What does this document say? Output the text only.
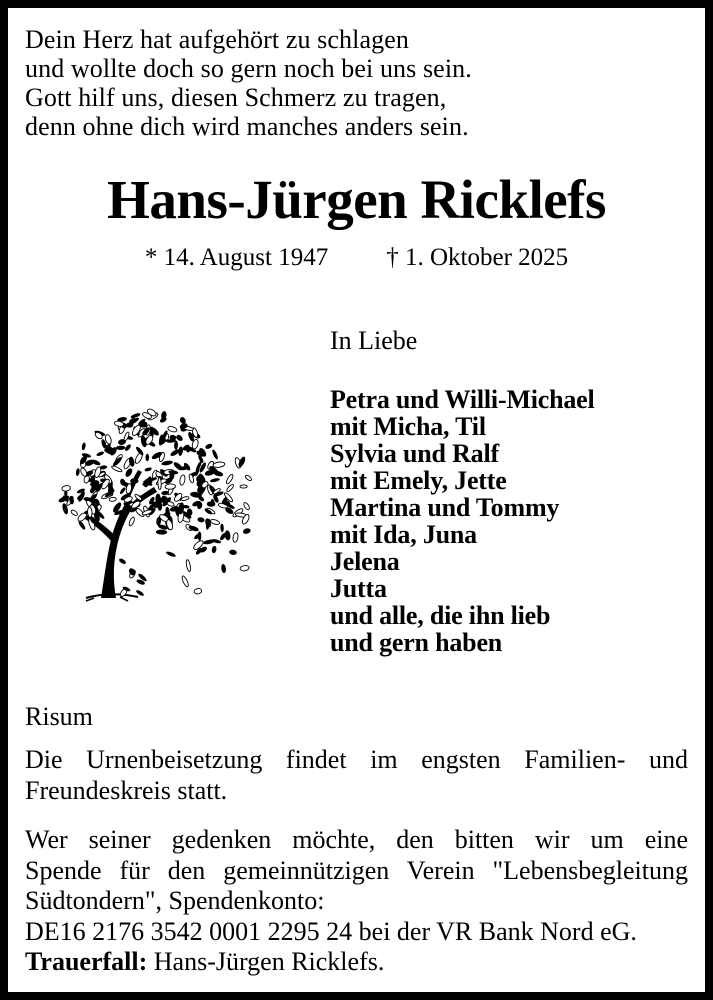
Dein Herz hat aufgehört zu schlagen
und wollte doch so gern noch bei uns sein.
Gott hilf uns, diesen Schmerz zu tragen,
denn ohne dich wird manches anders sein.
Hans-Jürgen Ricklefs
* 14. August 1947 † 1. Oktober 2025
In Liebe
Petra und Willi-Michael
mit Micha, Til
Sylvia und Ralf
mit Emely, Jette
Martina und Tommy
mit Ida, Juna
Jelena
Jutta
und alle, die ihn lieb
und gern haben
Risum
Die Urnenbeisetzung findet im engsten Familien- und
Freundeskreis statt.
Wer seiner gedenken möchte, den bitten wir um eine
Spende für den gemeinnützigen Verein "Lebensbegleitung
Südtondern", Spendenkonto:
DE16 2176 3542 0001 2295 24 bei der VR Bank Nord eG.
Trauerfall: Hans-Jürgen Ricklefs.
